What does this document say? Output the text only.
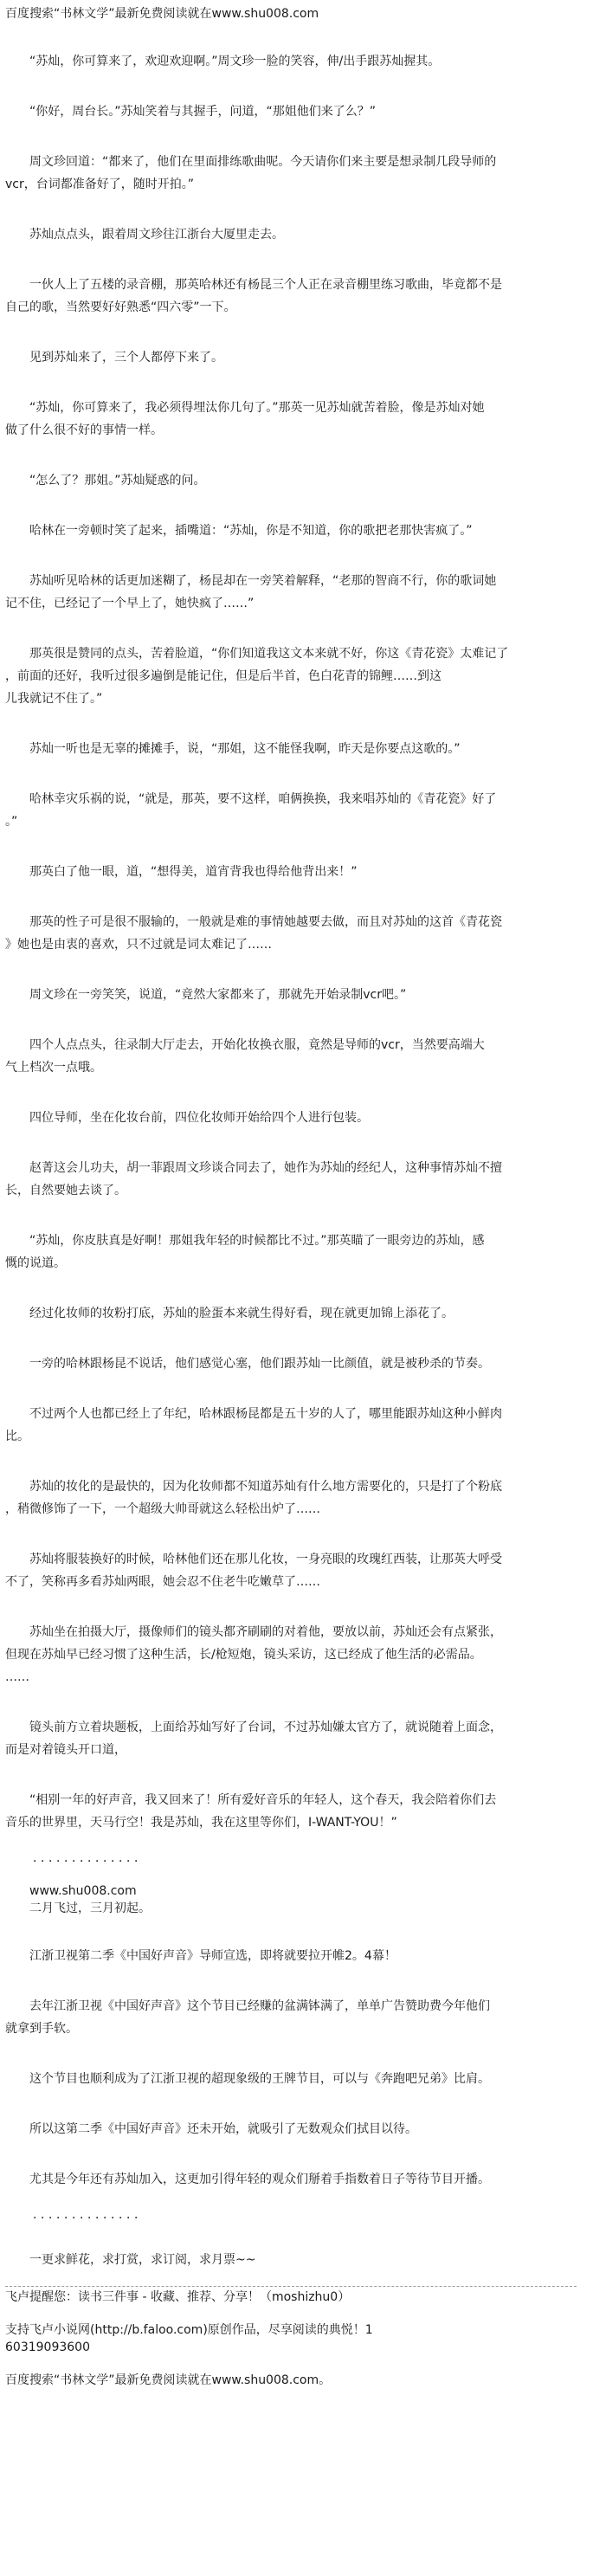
百度搜索“书林文学”最新免费阅读就在www.shu008.com

　　“苏灿，你可算来了，欢迎欢迎啊。”周文珍一脸的笑容，伸/出手跟苏灿握其。

　　“你好，周台长。”苏灿笑着与其握手，问道，“那姐他们来了么？”

　　周文珍回道：“都来了，他们在里面排练歌曲呢。今天请你们来主要是想录制几段导师的

vcr，台词都准备好了，随时开拍。”

　　苏灿点点头，跟着周文珍往江浙台大厦里走去。

　　一伙人上了五楼的录音棚，那英哈林还有杨昆三个人正在录音棚里练习歌曲，毕竟都不是

自己的歌，当然要好好熟悉“四六零”一下。

　　见到苏灿来了，三个人都停下来了。

　　“苏灿，你可算来了，我必须得埋汰你几句了。”那英一见苏灿就苦着脸，像是苏灿对她

做了什么很不好的事情一样。

　　“怎么了？那姐。”苏灿疑惑的问。

　　哈林在一旁顿时笑了起来，插嘴道：“苏灿，你是不知道，你的歌把老那快害疯了。”

　　苏灿听见哈林的话更加迷糊了，杨昆却在一旁笑着解释，“老那的智商不行，你的歌词她

记不住，已经记了一个早上了，她快疯了……”

　　那英很是赞同的点头，苦着脸道，“你们知道我这文本来就不好，你这《青花瓷》太难记了

，前面的还好，我听过很多遍倒是能记住，但是后半首，色白花青的锦鲤……到这

儿我就记不住了。”

　　苏灿一听也是无辜的摊摊手，说，“那姐，这不能怪我啊，昨天是你要点这歌的。”

　　哈林幸灾乐祸的说，“就是，那英，要不这样，咱俩换换，我来唱苏灿的《青花瓷》好了

。”

　　那英白了他一眼，道，“想得美，道宵背我也得给他背出来！”

　　那英的性子可是很不服输的，一般就是难的事情她越要去做，而且对苏灿的这首《青花瓷

》她也是由衷的喜欢，只不过就是词太难记了……

　　周文珍在一旁笑笑，说道，“竟然大家都来了，那就先开始录制vcr吧。”

　　四个人点点头，往录制大厅走去，开始化妆换衣服，竟然是导师的vcr，当然要高端大

气上档次一点哦。

　　四位导师，坐在化妆台前，四位化妆师开始给四个人进行包装。

　　赵菁这会儿功夫，胡一菲跟周文珍谈合同去了，她作为苏灿的经纪人，这种事情苏灿不擅

长，自然要她去谈了。

　　“苏灿，你皮肤真是好啊！那姐我年轻的时候都比不过。”那英瞄了一眼旁边的苏灿，感

慨的说道。

　　经过化妆师的妆粉打底，苏灿的脸蛋本来就生得好看，现在就更加锦上添花了。

　　一旁的哈林跟杨昆不说话，他们感觉心塞，他们跟苏灿一比颜值，就是被秒杀的节奏。

　　不过两个人也都已经上了年纪，哈林跟杨昆都是五十岁的人了，哪里能跟苏灿这种小鲜肉

比。

　　苏灿的妆化的是最快的，因为化妆师都不知道苏灿有什么地方需要化的，只是打了个粉底

，稍微修饰了一下，一个超级大帅哥就这么轻松出炉了……

　　苏灿将服装换好的时候，哈林他们还在那儿化妆，一身亮眼的玫瑰红西装，让那英大呼受

不了，笑称再多看苏灿两眼，她会忍不住老牛吃嫩草了……

　　苏灿坐在拍摄大厅，摄像师们的镜头都齐刷刷的对着他，要放以前，苏灿还会有点紧张，

但现在苏灿早已经习惯了这种生活，长/枪短炮，镜头采访，这已经成了他生活的必需品。

……

　　镜头前方立着块题板，上面给苏灿写好了台词，不过苏灿嫌太官方了，就说随着上面念，

而是对着镜头开口道，

　　“相别一年的好声音，我又回来了！所有爱好音乐的年轻人，这个春天，我会陪着你们去

音乐的世界里，天马行空！我是苏灿，我在这里等你们，I-WANT-YOU！”

　　．．．．．．．．．．．．．．

　　www.shu008.com

　　二月飞过，三月初起。

　　江浙卫视第二季《中国好声音》导师宣选，即将就要拉开帷2。4幕！

　　去年江浙卫视《中国好声音》这个节目已经赚的盆满钵满了，单单广告赞助费今年他们

就拿到手软。

　　这个节目也顺利成为了江浙卫视的超现象级的王牌节目，可以与《奔跑吧兄弟》比肩。

　　所以这第二季《中国好声音》还未开始，就吸引了无数观众们拭目以待。

　　尤其是今年还有苏灿加入，这更加引得年轻的观众们掰着手指数着日子等待节目开播。

　　．．．．．．．．．．．．．．

　　一更求鲜花，求打赏，求订阅，求月票~~

飞卢提醒您：读书三件事 - 收藏、推荐、分享！（moshizhu0）

支持飞卢小说网(http://b.faloo.com)原创作品，尽享阅读的典悦！1

60319093600

百度搜索“书林文学”最新免费阅读就在www.shu008.com。
